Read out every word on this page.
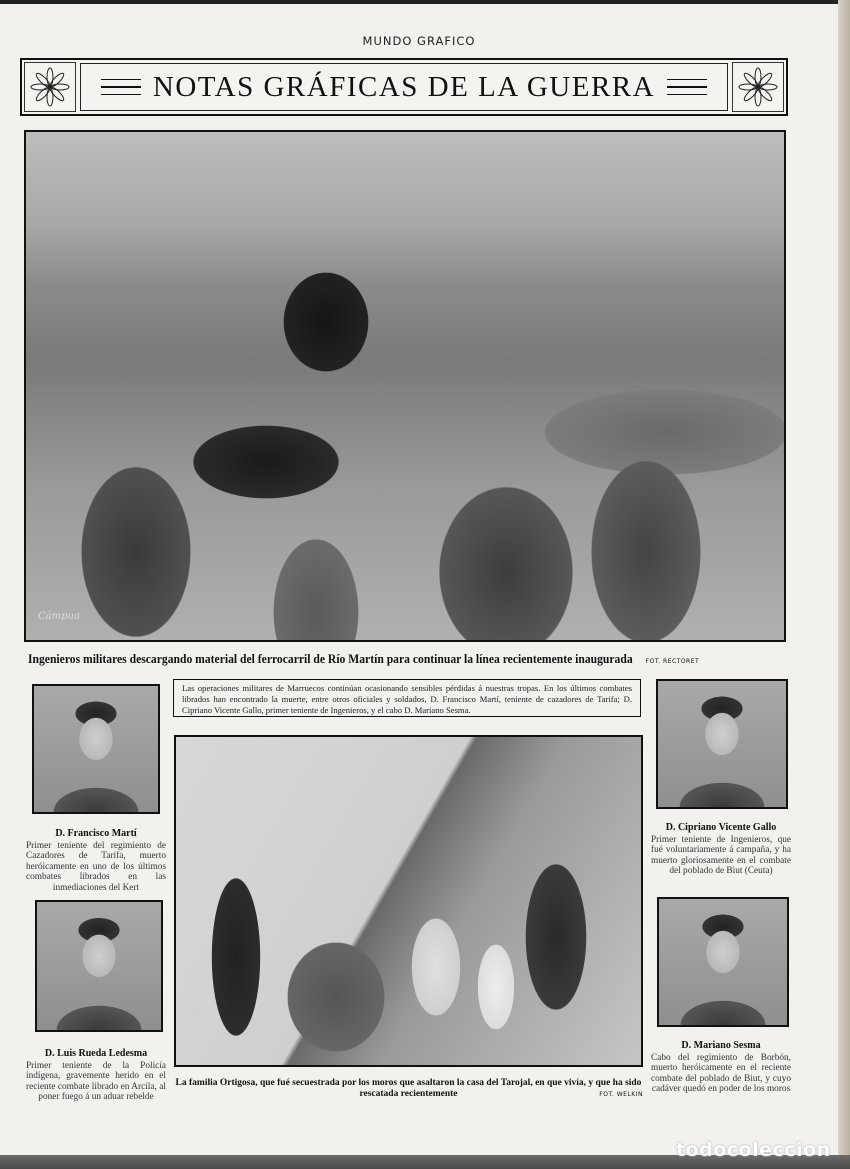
MUNDO GRAFICO
NOTAS GRÁFICAS DE LA GUERRA
Cámpua
Ingenieros militares descargando material del ferrocarril de Río Martín para continuar la línea recientemente inaugurada FOT. RECTORET
Las operaciones militares de Marruecos continúan ocasionando sensibles pérdidas á nuestras tropas. En los últimos combates librados han encontrado la muerte, entre otros oficiales y soldados, D. Francisco Martí, teniente de cazadores de Tarifa; D. Cipriano Vicente Gallo, primer teniente de Ingenieros, y el cabo D. Mariano Sesma.
D. Francisco Martí
Primer teniente del regimiento de Cazadores de Tarifa, muerto heróicamente en uno de los últimos combates librados en las inmediaciones del Kert
D. Luis Rueda Ledesma
Primer teniente de la Policía indígena, gravemente herido en el reciente combate librado en Arcila, al poner fuego á un aduar rebelde
D. Cipriano Vicente Gallo
Primer teniente de Ingenieros, que fué voluntariamente á campaña, y ha muerto gloriosamente en el combate del poblado de Biut (Ceuta)
D. Mariano Sesma
Cabo del regimiento de Borbón, muerto heróicamente en el reciente combate del poblado de Biut, y cuyo cadáver quedó en poder de los moros
La familia Ortigosa, que fué secuestrada por los moros que asaltaron la casa del Tarojal, en que vivía, y que ha sido rescatada recientemente	FOT. WELKIN
todocoleccion
